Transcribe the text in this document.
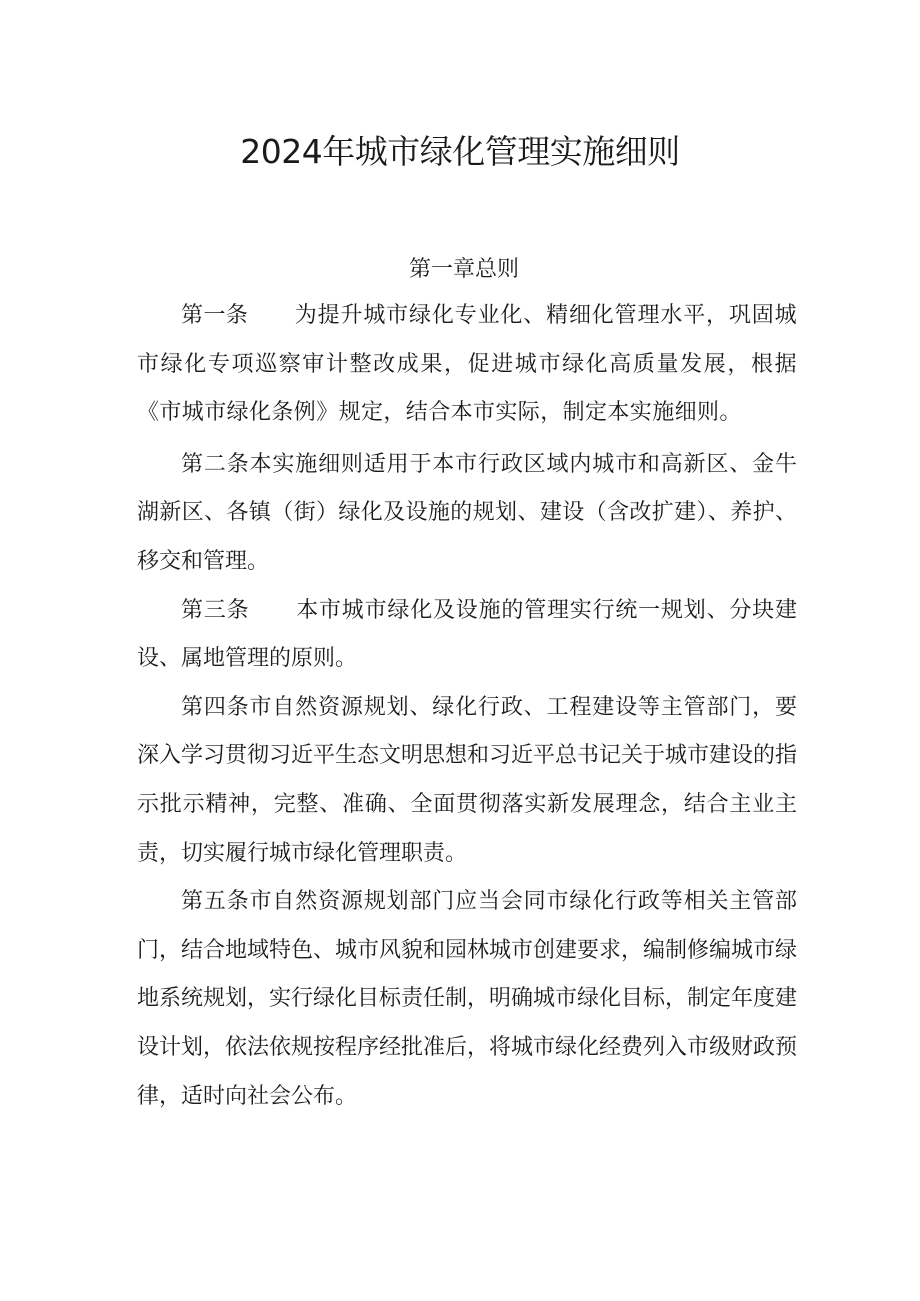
2024年城市绿化管理实施细则
第一章总则

第一条 为提升城市绿化专业化、精细化管理水平，巩固城市绿化专项巡察审计整改成果，促进城市绿化高质量发展，根据《市城市绿化条例》规定，结合本市实际，制定本实施细则。

第二条本实施细则适用于本市行政区域内城市和高新区、金牛湖新区、各镇（街）绿化及设施的规划、建设（含改扩建）、养护、移交和管理。

第三条 本市城市绿化及设施的管理实行统一规划、分块建设、属地管理的原则。

第四条市自然资源规划、绿化行政、工程建设等主管部门，要深入学习贯彻习近平生态文明思想和习近平总书记关于城市建设的指示批示精神，完整、准确、全面贯彻落实新发展理念，结合主业主责，切实履行城市绿化管理职责。

第五条市自然资源规划部门应当会同市绿化行政等相关主管部门，结合地域特色、城市风貌和园林城市创建要求，编制修编城市绿地系统规划，实行绿化目标责任制，明确城市绿化目标，制定年度建设计划，依法依规按程序经批准后，将城市绿化经费列入市级财政预律，适时向社会公布。
